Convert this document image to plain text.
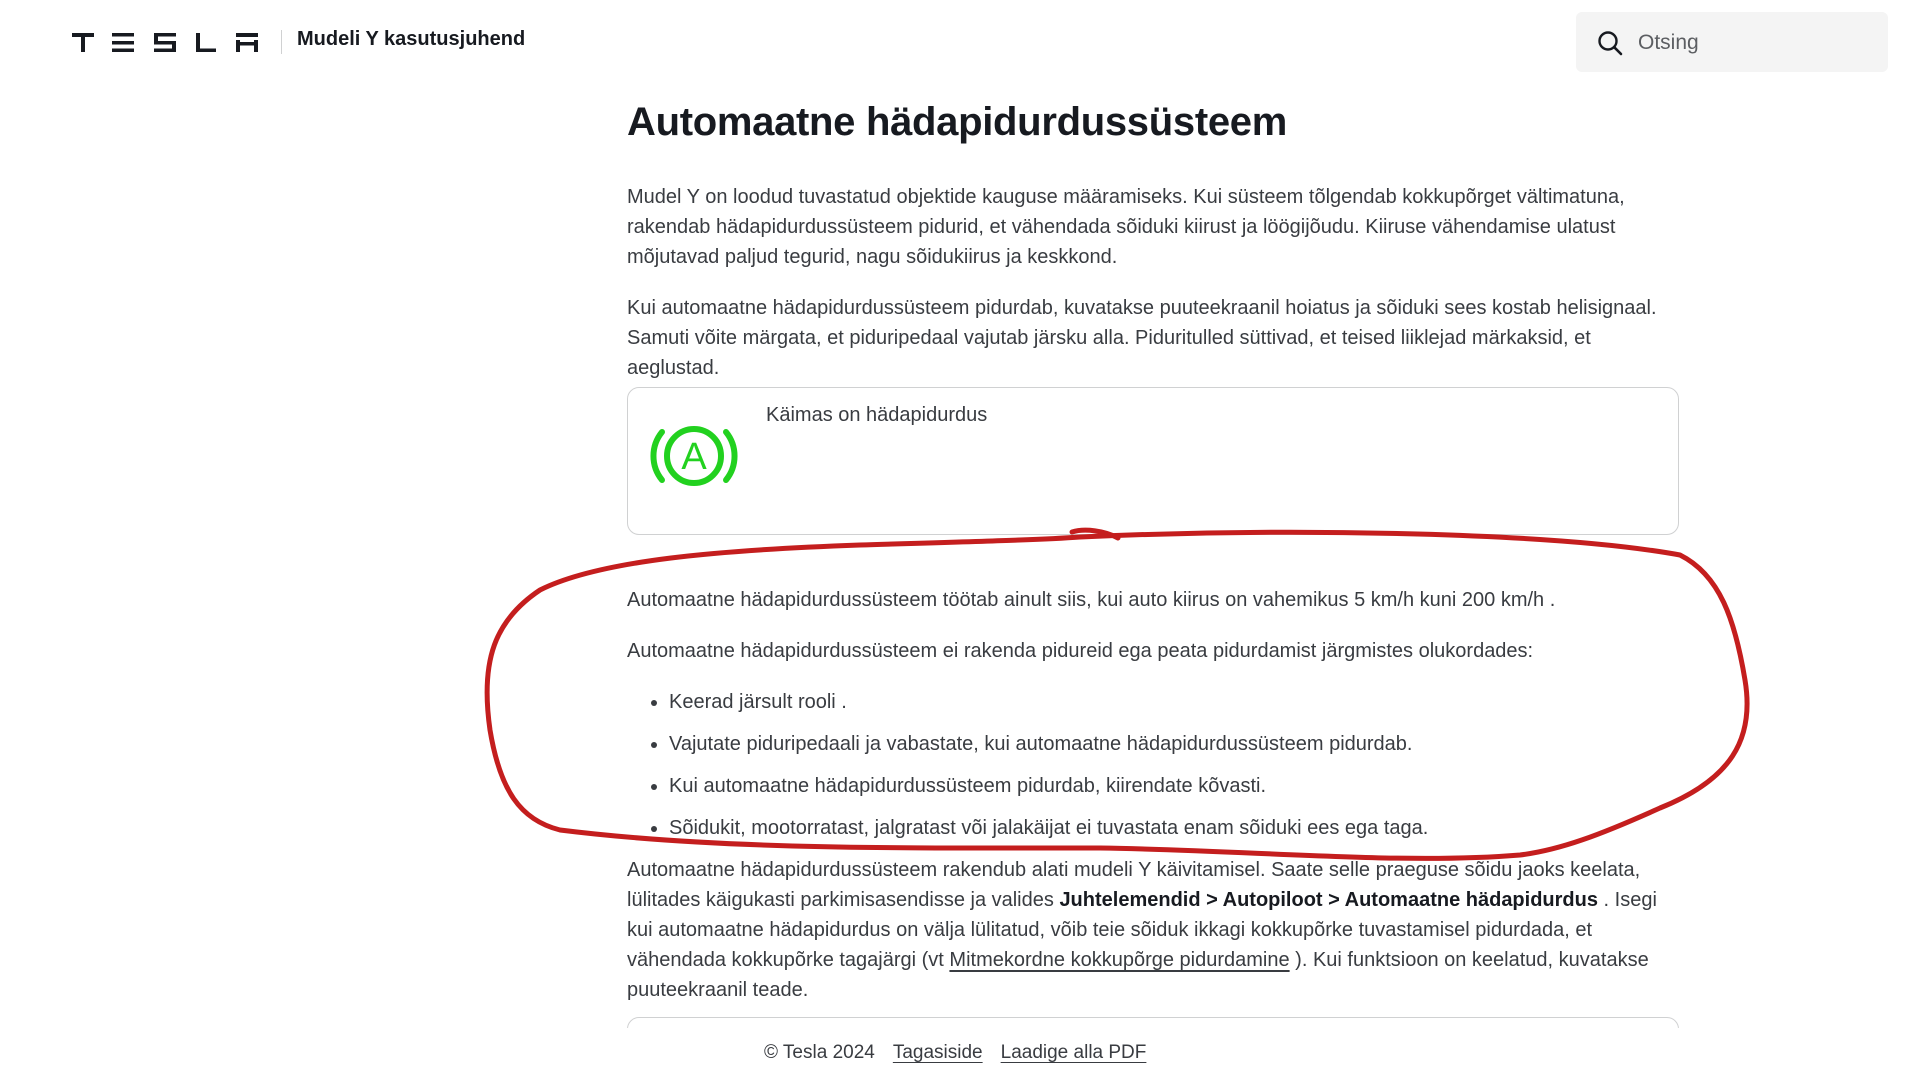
Mudeli Y kasutusjuhend
Otsing
Automaatne hädapidurdussüsteem

Mudel Y on loodud tuvastatud objektide kauguse määramiseks. Kui süsteem tõlgendab kokkupõrget vältimatuna, rakendab hädapidurdussüsteem pidurid, et vähendada sõiduki kiirust ja löögijõudu. Kiiruse vähendamise ulatust mõjutavad paljud tegurid, nagu sõidukiirus ja keskkond.

Kui automaatne hädapidurdussüsteem pidurdab, kuvatakse puuteekraanil hoiatus ja sõiduki sees kostab helisignaal. Samuti võite märgata, et piduripedaal vajutab järsku alla. Piduritulled süttivad, et teised liiklejad märkaksid, et aeglustad.

A
Käimas on hädapidurdus

Automaatne hädapidurdussüsteem töötab ainult siis, kui auto kiirus on vahemikus 5 km/h kuni 200 km/h .

Automaatne hädapidurdussüsteem ei rakenda pidureid ega peata pidurdamist järgmistes olukordades:

• Keerad järsult rooli .
• Vajutate piduripedaali ja vabastate, kui automaatne hädapidurdussüsteem pidurdab.
• Kui automaatne hädapidurdussüsteem pidurdab, kiirendate kõvasti.
• Sõidukit, mootorratast, jalgratast või jalakäijat ei tuvastata enam sõiduki ees ega taga.

Automaatne hädapidurdussüsteem rakendub alati mudeli Y käivitamisel. Saate selle praeguse sõidu jaoks keelata, lülitades käigukasti parkimisasendisse ja valides Juhtelemendid > Autopiloot > Automaatne hädapidurdus . Isegi kui automaatne hädapidurdus on välja lülitatud, võib teie sõiduk ikkagi kokkupõrke tuvastamisel pidurdada, et vähendada kokkupõrke tagajärgi (vt Mitmekordne kokkupõrge pidurdamine ). Kui funktsioon on keelatud, kuvatakse puuteekraanil teade.

© Tesla 2024 Tagasiside Laadige alla PDF
